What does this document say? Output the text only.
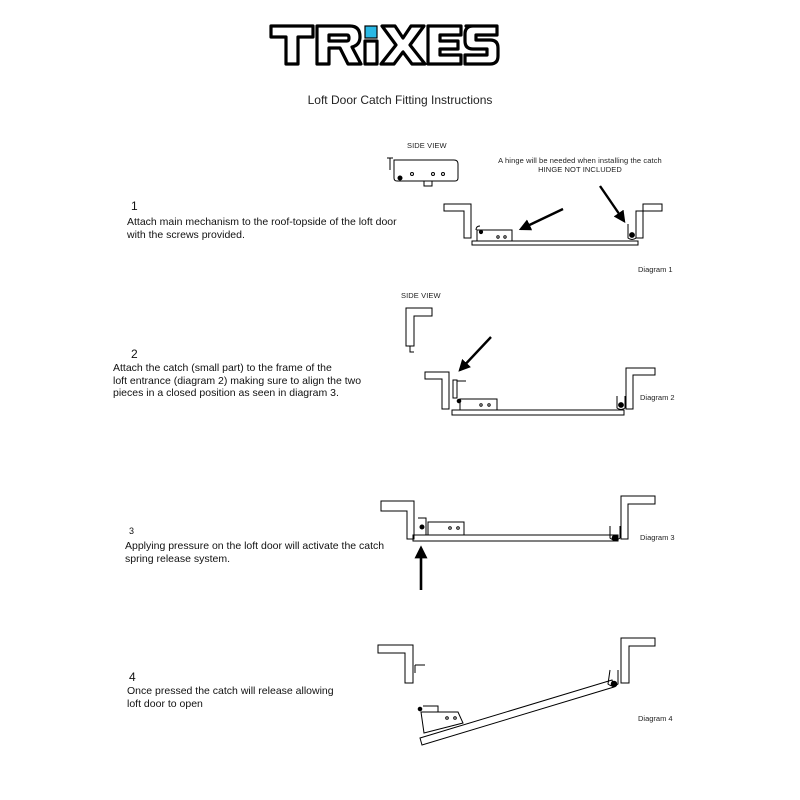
TRIXES
Loft Door Catch Fitting Instructions
1
Attach main mechanism to the roof-topside of the loft door
with the screws provided.
2
Attach the catch (small part) to the frame of the
loft entrance (diagram 2) making sure to align the two
pieces in a closed position as seen in diagram 3.
3
Applying pressure on the loft door will activate the catch
spring release system.
4
Once pressed the catch will release allowing
loft door to open
SIDE VIEW
SIDE VIEW
A hinge will be needed when installing the catch
HINGE NOT INCLUDED
Diagram 1
Diagram 2
Diagram 3
Diagram 4
